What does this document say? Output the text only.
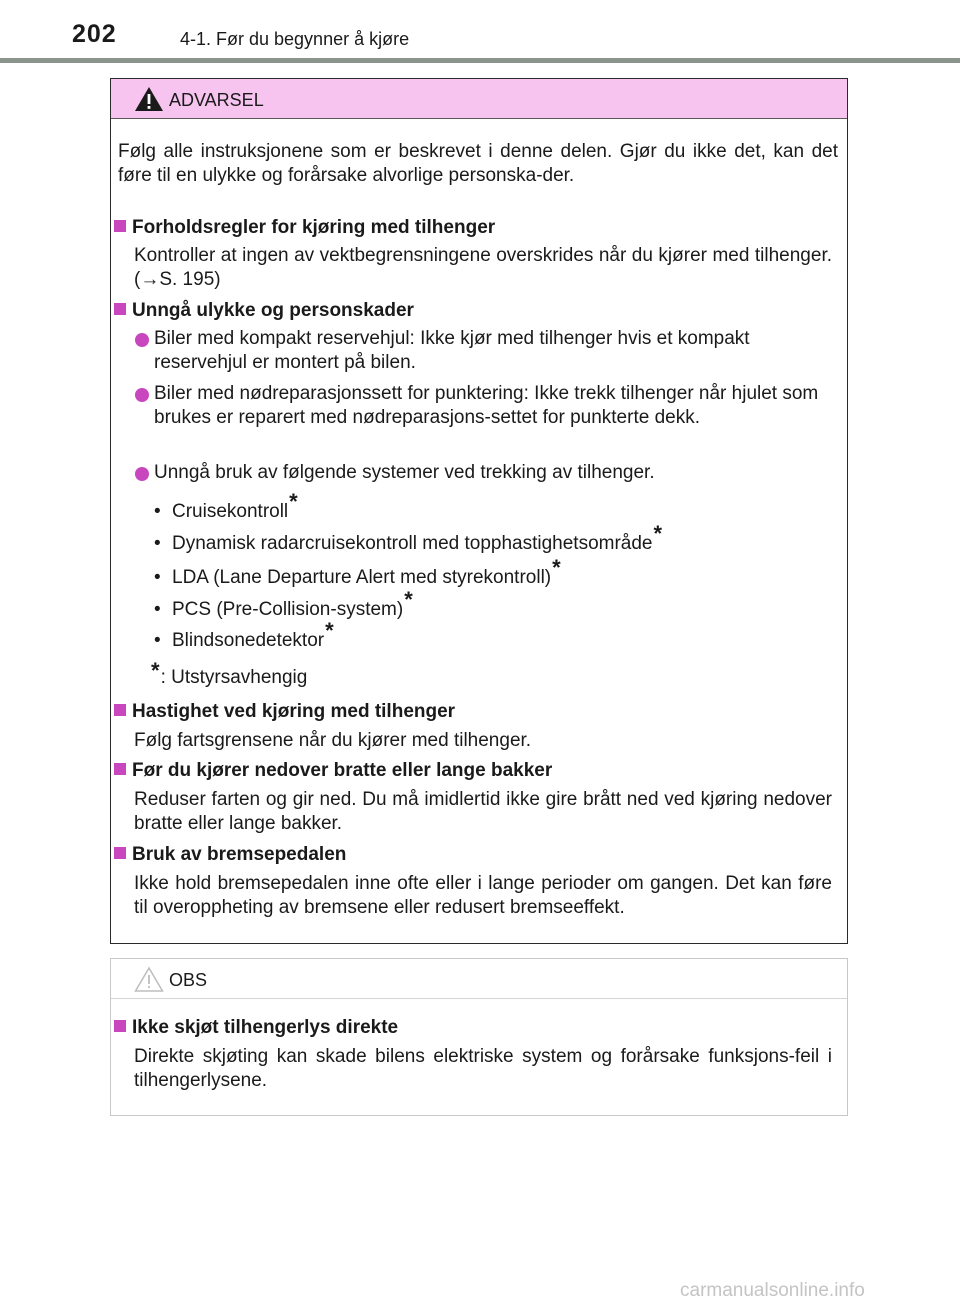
202	4-1. Før du begynner å kjøre
ADVARSEL
OBS
Følg alle instruksjonene som er beskrevet i denne delen. Gjør du ikke det, kan det føre til en ulykke og forårsake alvorlige personska-der.
Forholdsregler for kjøring med tilhenger
Kontroller at ingen av vektbegrensningene overskrides når du kjører med tilhenger. (→S. 195)
Unngå ulykke og personskader
Biler med kompakt reservehjul: Ikke kjør med tilhenger hvis et kompakt reservehjul er montert på bilen.
Biler med nødreparasjonssett for punktering: Ikke trekk tilhenger når hjulet som brukes er reparert med nødreparasjons-settet for punkterte dekk.
Unngå bruk av følgende systemer ved trekking av tilhenger.
• Cruisekontroll*
• Dynamisk radarcruisekontroll med topphastighetsområde*
• LDA (Lane Departure Alert med styrekontroll)*
• PCS (Pre-Collision-system)*
• Blindsonedetektor*
*: Utstyrsavhengig
Hastighet ved kjøring med tilhenger
Følg fartsgrensene når du kjører med tilhenger.
Før du kjører nedover bratte eller lange bakker
Reduser farten og gir ned. Du må imidlertid ikke gire brått ned ved kjøring nedover bratte eller lange bakker.
Bruk av bremsepedalen
Ikke hold bremsepedalen inne ofte eller i lange perioder om gangen. Det kan føre til overoppheting av bremsene eller redusert bremseeffekt.
Ikke skjøt tilhengerlys direkte
Direkte skjøting kan skade bilens elektriske system og forårsake funksjons-feil i tilhengerlysene.
carmanualsonline.info
